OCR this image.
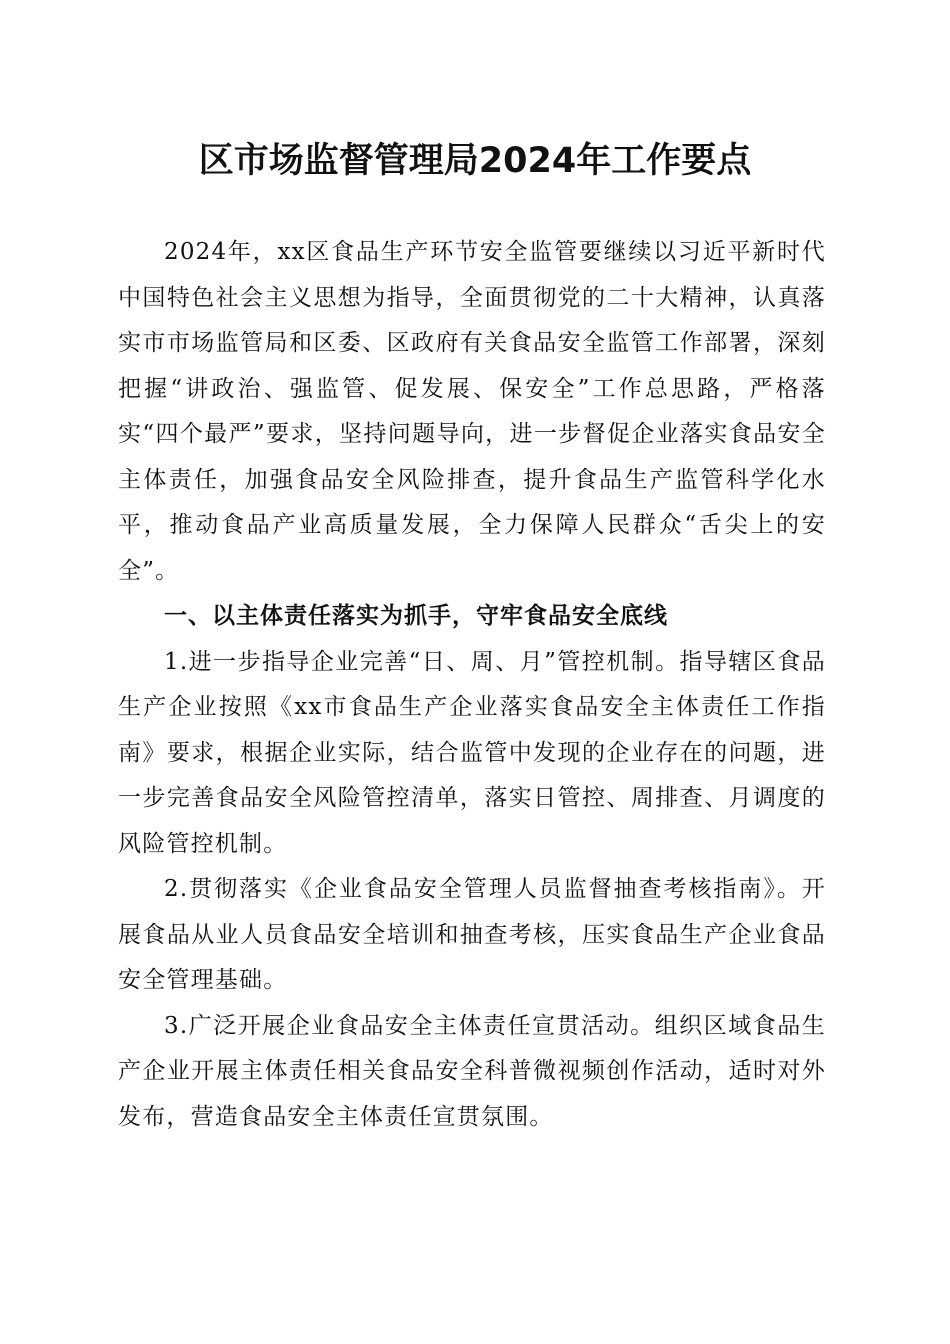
区市场监督管理局2024年工作要点

2024年，xx区食品生产环节安全监管要继续以习近平新时代中国特色社会主义思想为指导，全面贯彻党的二十大精神，认真落实市市场监管局和区委、区政府有关食品安全监管工作部署，深刻把握“讲政治、强监管、促发展、保安全”工作总思路，严格落实“四个最严”要求，坚持问题导向，进一步督促企业落实食品安全主体责任，加强食品安全风险排查，提升食品生产监管科学化水平，推动食品产业高质量发展，全力保障人民群众“舌尖上的安全”。

一、以主体责任落实为抓手，守牢食品安全底线

1.进一步指导企业完善“日、周、月”管控机制。指导辖区食品生产企业按照《xx市食品生产企业落实食品安全主体责任工作指南》要求，根据企业实际，结合监管中发现的企业存在的问题，进一步完善食品安全风险管控清单，落实日管控、周排查、月调度的风险管控机制。

2.贯彻落实《企业食品安全管理人员监督抽查考核指南》。开展食品从业人员食品安全培训和抽查考核，压实食品生产企业食品安全管理基础。

3.广泛开展企业食品安全主体责任宣贯活动。组织区域食品生产企业开展主体责任相关食品安全科普微视频创作活动，适时对外发布，营造食品安全主体责任宣贯氛围。
